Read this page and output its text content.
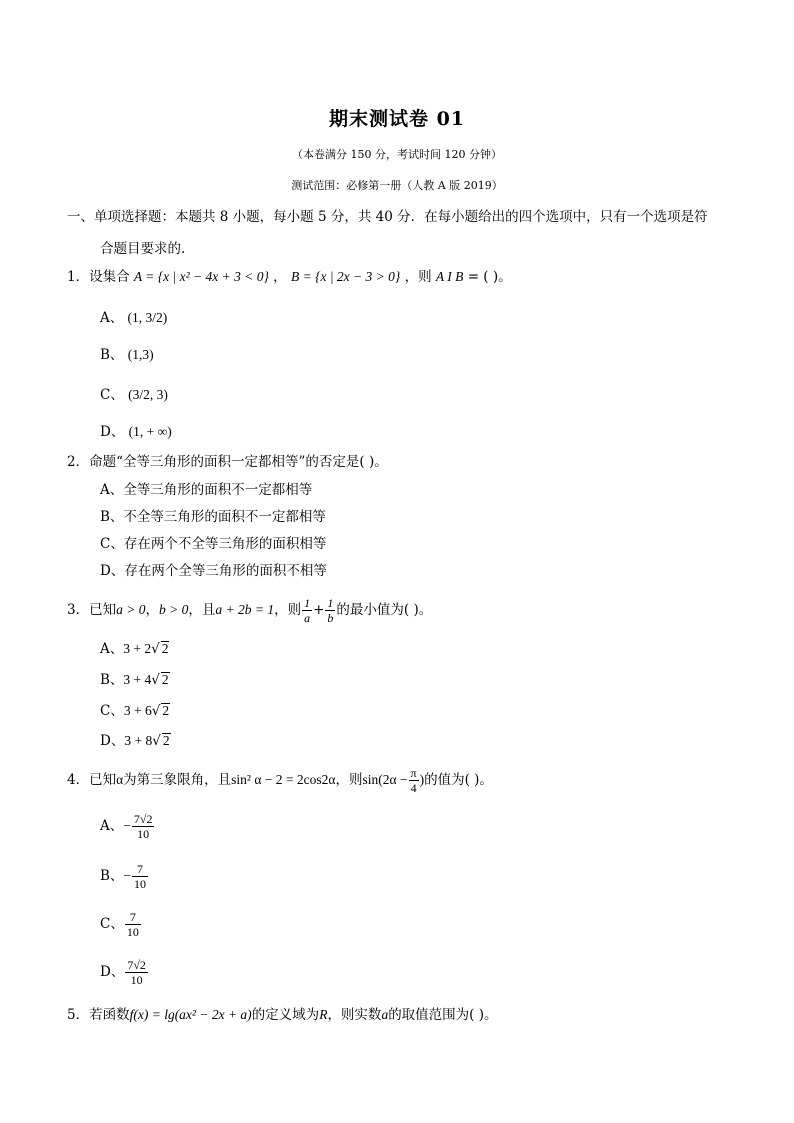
期末测试卷 01
（本卷满分 150 分，考试时间 120 分钟）
测试范围：必修第一册（人教 A 版 2019）
一、单项选择题：本题共 8 小题，每小题 5 分，共 40 分．在每小题给出的四个选项中，只有一个选项是符
合题目要求的.
1．设集合 A = {x | x² − 4x + 3 < 0} ， B = {x | 2x − 3 > 0} ，则 A I B = ( )。
A、 (1, 3/2)
B、 (1,3)
C、 (3/2, 3)
D、 (1, + ∞)
2．命题“全等三角形的面积一定都相等”的否定是( )。
A、全等三角形的面积不一定都相等
B、不全等三角形的面积不一定都相等
C、存在两个不全等三角形的面积相等
D、存在两个全等三角形的面积不相等
3．已知a > 0，b > 0，且a + 2b = 1，则 $\frac{1}{a} + \frac{1}{b}$ 的最小值为( )。
A、3 + 2√ 2
B、3 + 4√ 2
C、3 + 6√ 2
D、3 + 8√ 2
4．已知α为第三象限角，且sin² α − 2 = 2cos2α，则$\sin(2\alpha - \frac{\pi}{4}$ )的值为( )。
A、− $\frac{7√2}{10}$
B、− $\frac{7}{10}$
C、 $\frac{7}{10}$
D、 $\frac{7√2}{10}$
5．若函数f(x) = lg(ax² − 2x + a)的定义域为R，则实数a的取值范围为( )。
